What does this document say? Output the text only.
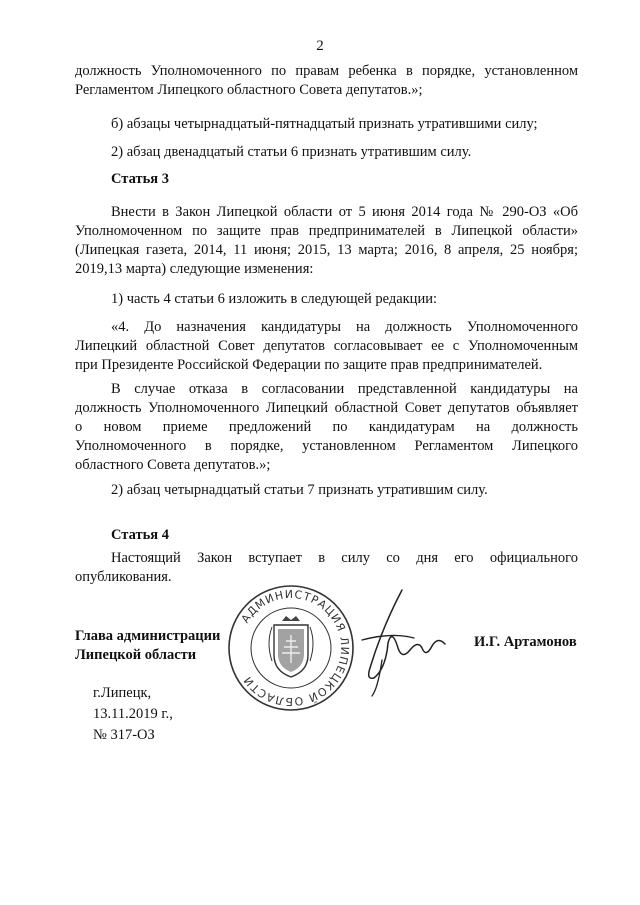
2
должность Уполномоченного по правам ребенка в порядке, установленном
Регламентом Липецкого областного Совета депутатов.»;
б) абзацы четырнадцатый-пятнадцатый признать утратившими силу;
2) абзац двенадцатый статьи 6 признать утратившим силу.
Статья 3
Внести в Закон Липецкой области от 5 июня 2014 года № 290-ОЗ «Об
Уполномоченном по защите прав предпринимателей в Липецкой области»
(Липецкая газета, 2014, 11 июня; 2015, 13 марта; 2016, 8 апреля, 25 ноября;
2019,13 марта) следующие изменения:
1) часть 4 статьи 6 изложить в следующей редакции:
«4. До назначения кандидатуры на должность Уполномоченного
Липецкий областной Совет депутатов согласовывает ее с Уполномоченным
при Президенте Российской Федерации по защите прав предпринимателей.
В случае отказа в согласовании представленной кандидатуры на
должность Уполномоченного Липецкий областной Совет депутатов объявляет
о новом приеме предложений по кандидатурам на должность
Уполномоченного в порядке, установленном Регламентом Липецкого
областного Совета депутатов.»;
2) абзац четырнадцатый статьи 7 признать утратившим силу.
Статья 4
Настоящий Закон вступает в силу со дня его официального
опубликования.
Глава администрации
Липецкой области
И.Г. Артамонов
АДМИНИСТРАЦИЯ ЛИПЕЦКОЙ ОБЛАСТИ
г.Липецк,
13.11.2019 г.,
№ 317-ОЗ
